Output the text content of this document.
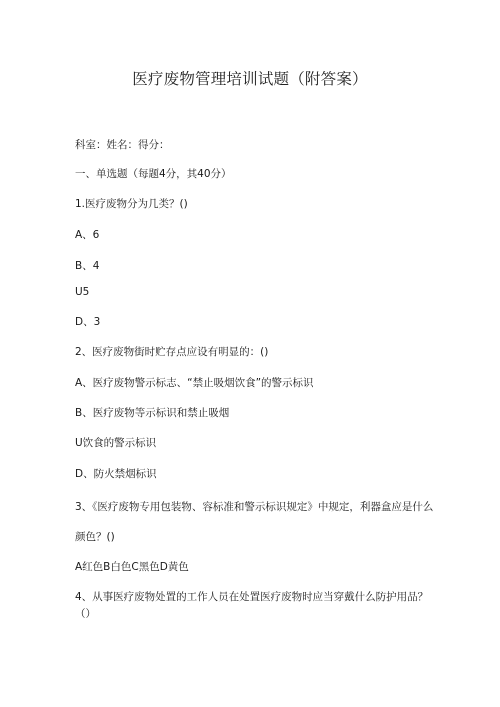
医疗废物管理培训试题（附答案）
科室：姓名：得分：
一、单选题（每题4分，其40分）
1.医疗废物分为几类？()
A、6
B、4
U5
D、3
2、医疗废物街时贮存点应设有明显的：()
A、医疗废物警示标志、“禁止吸烟饮食”的警示标识
B、医疗废物等示标识和禁止吸烟
U饮食的警示标识
D、防火禁烟标识
3、《医疗废物专用包装物、容标准和警示标识规定》中规定，利器盒应是什么
颜色？()
A红色B白色C黑色D黄色
4、从事医疗废物处置的工作人员在处置医疗废物时应当穿戴什么防护用品？
（）
